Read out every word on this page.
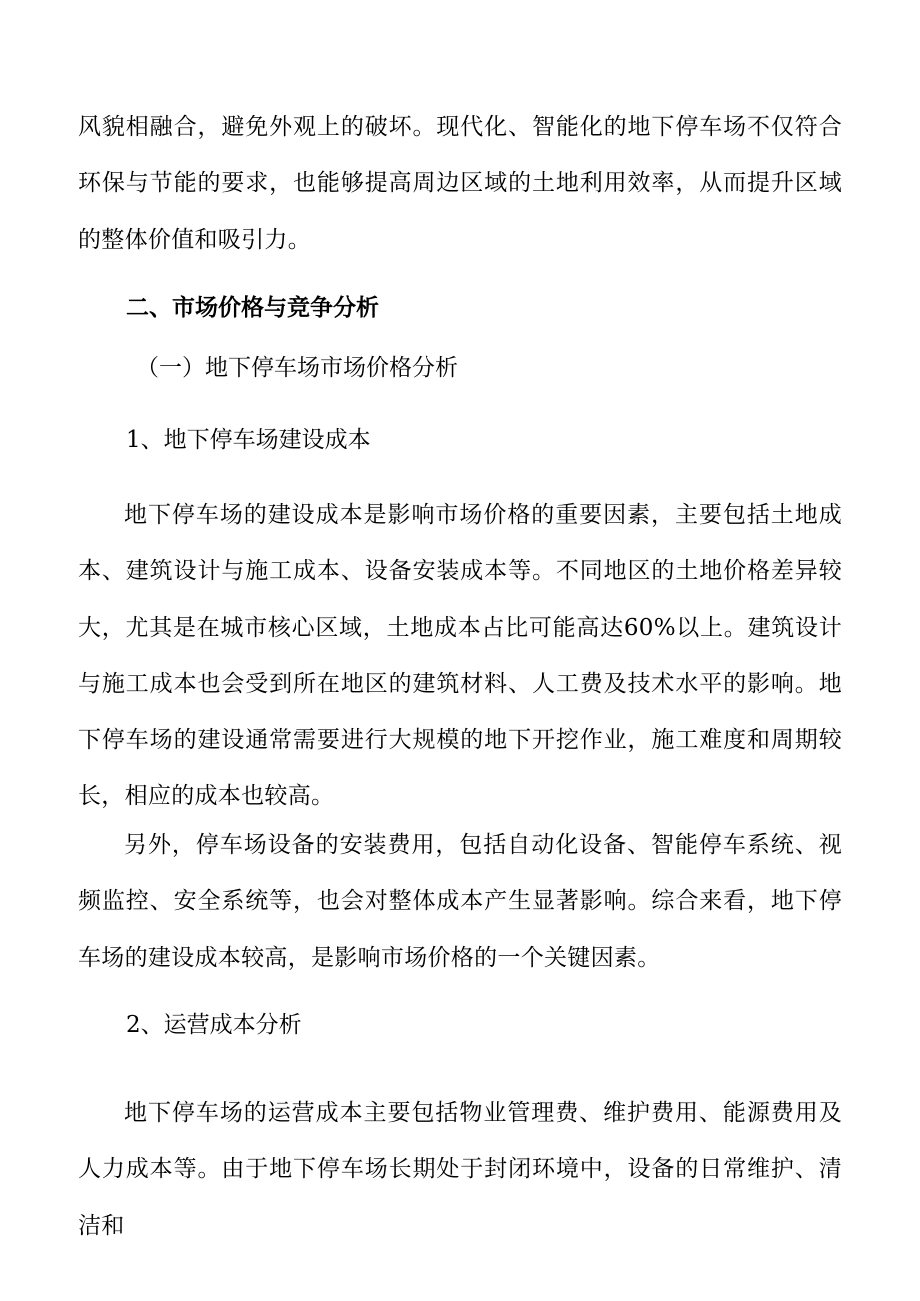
风貌相融合，避免外观上的破坏。现代化、智能化的地下停车场不仅符合环保与节能的要求，也能够提高周边区域的土地利用效率，从而提升区域的整体价值和吸引力。

二、市场价格与竞争分析

（一）地下停车场市场价格分析

1、地下停车场建设成本

地下停车场的建设成本是影响市场价格的重要因素，主要包括土地成本、建筑设计与施工成本、设备安装成本等。不同地区的土地价格差异较大，尤其是在城市核心区域，土地成本占比可能高达60%以上。建筑设计与施工成本也会受到所在地区的建筑材料、人工费及技术水平的影响。地下停车场的建设通常需要进行大规模的地下开挖作业，施工难度和周期较长，相应的成本也较高。

另外，停车场设备的安装费用，包括自动化设备、智能停车系统、视频监控、安全系统等，也会对整体成本产生显著影响。综合来看，地下停车场的建设成本较高，是影响市场价格的一个关键因素。

2、运营成本分析

地下停车场的运营成本主要包括物业管理费、维护费用、能源费用及人力成本等。由于地下停车场长期处于封闭环境中，设备的日常维护、清洁和
